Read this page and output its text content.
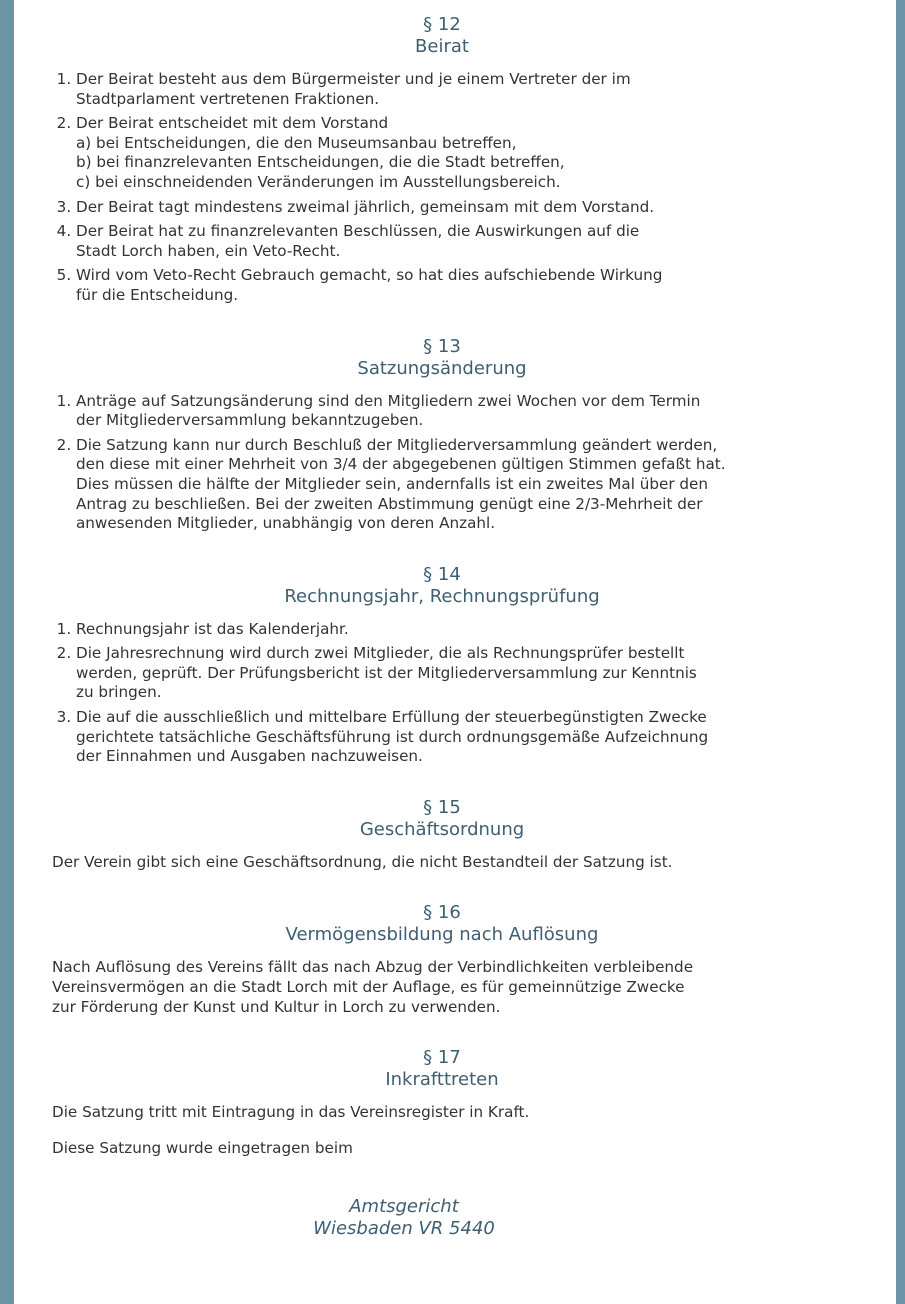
§ 12
Beirat
1. Der Beirat besteht aus dem Bürgermeister und je einem Vertreter der im
Stadtparlament vertretenen Fraktionen.
2. Der Beirat entscheidet mit dem Vorstand
a) bei Entscheidungen, die den Museumsanbau betreffen,
b) bei finanzrelevanten Entscheidungen, die die Stadt betreffen,
c) bei einschneidenden Veränderungen im Ausstellungsbereich.
3. Der Beirat tagt mindestens zweimal jährlich, gemeinsam mit dem Vorstand.
4. Der Beirat hat zu finanzrelevanten Beschlüssen, die Auswirkungen auf die
Stadt Lorch haben, ein Veto-Recht.
5. Wird vom Veto-Recht Gebrauch gemacht, so hat dies aufschiebende Wirkung
für die Entscheidung.
§ 13
Satzungsänderung
1. Anträge auf Satzungsänderung sind den Mitgliedern zwei Wochen vor dem Termin
der Mitgliederversammlung bekanntzugeben.
2. Die Satzung kann nur durch Beschluß der Mitgliederversammlung geändert werden,
den diese mit einer Mehrheit von 3/4 der abgegebenen gültigen Stimmen gefaßt hat.
Dies müssen die hälfte der Mitglieder sein, andernfalls ist ein zweites Mal über den
Antrag zu beschließen. Bei der zweiten Abstimmung genügt eine 2/3-Mehrheit der
anwesenden Mitglieder, unabhängig von deren Anzahl.
§ 14
Rechnungsjahr, Rechnungsprüfung
1. Rechnungsjahr ist das Kalenderjahr.
2. Die Jahresrechnung wird durch zwei Mitglieder, die als Rechnungsprüfer bestellt
werden, geprüft. Der Prüfungsbericht ist der Mitgliederversammlung zur Kenntnis
zu bringen.
3. Die auf die ausschließlich und mittelbare Erfüllung der steuerbegünstigten Zwecke
gerichtete tatsächliche Geschäftsführung ist durch ordnungsgemäße Aufzeichnung
der Einnahmen und Ausgaben nachzuweisen.
§ 15
Geschäftsordnung

Der Verein gibt sich eine Geschäftsordnung, die nicht Bestandteil der Satzung ist.

§ 16
Vermögensbildung nach Auflösung

Nach Auflösung des Vereins fällt das nach Abzug der Verbindlichkeiten verbleibende
Vereinsvermögen an die Stadt Lorch mit der Auflage, es für gemeinnützige Zwecke
zur Förderung der Kunst und Kultur in Lorch zu verwenden.

§ 17
Inkrafttreten

Die Satzung tritt mit Eintragung in das Vereinsregister in Kraft.

Diese Satzung wurde eingetragen beim

Amtsgericht
Wiesbaden VR 5440
